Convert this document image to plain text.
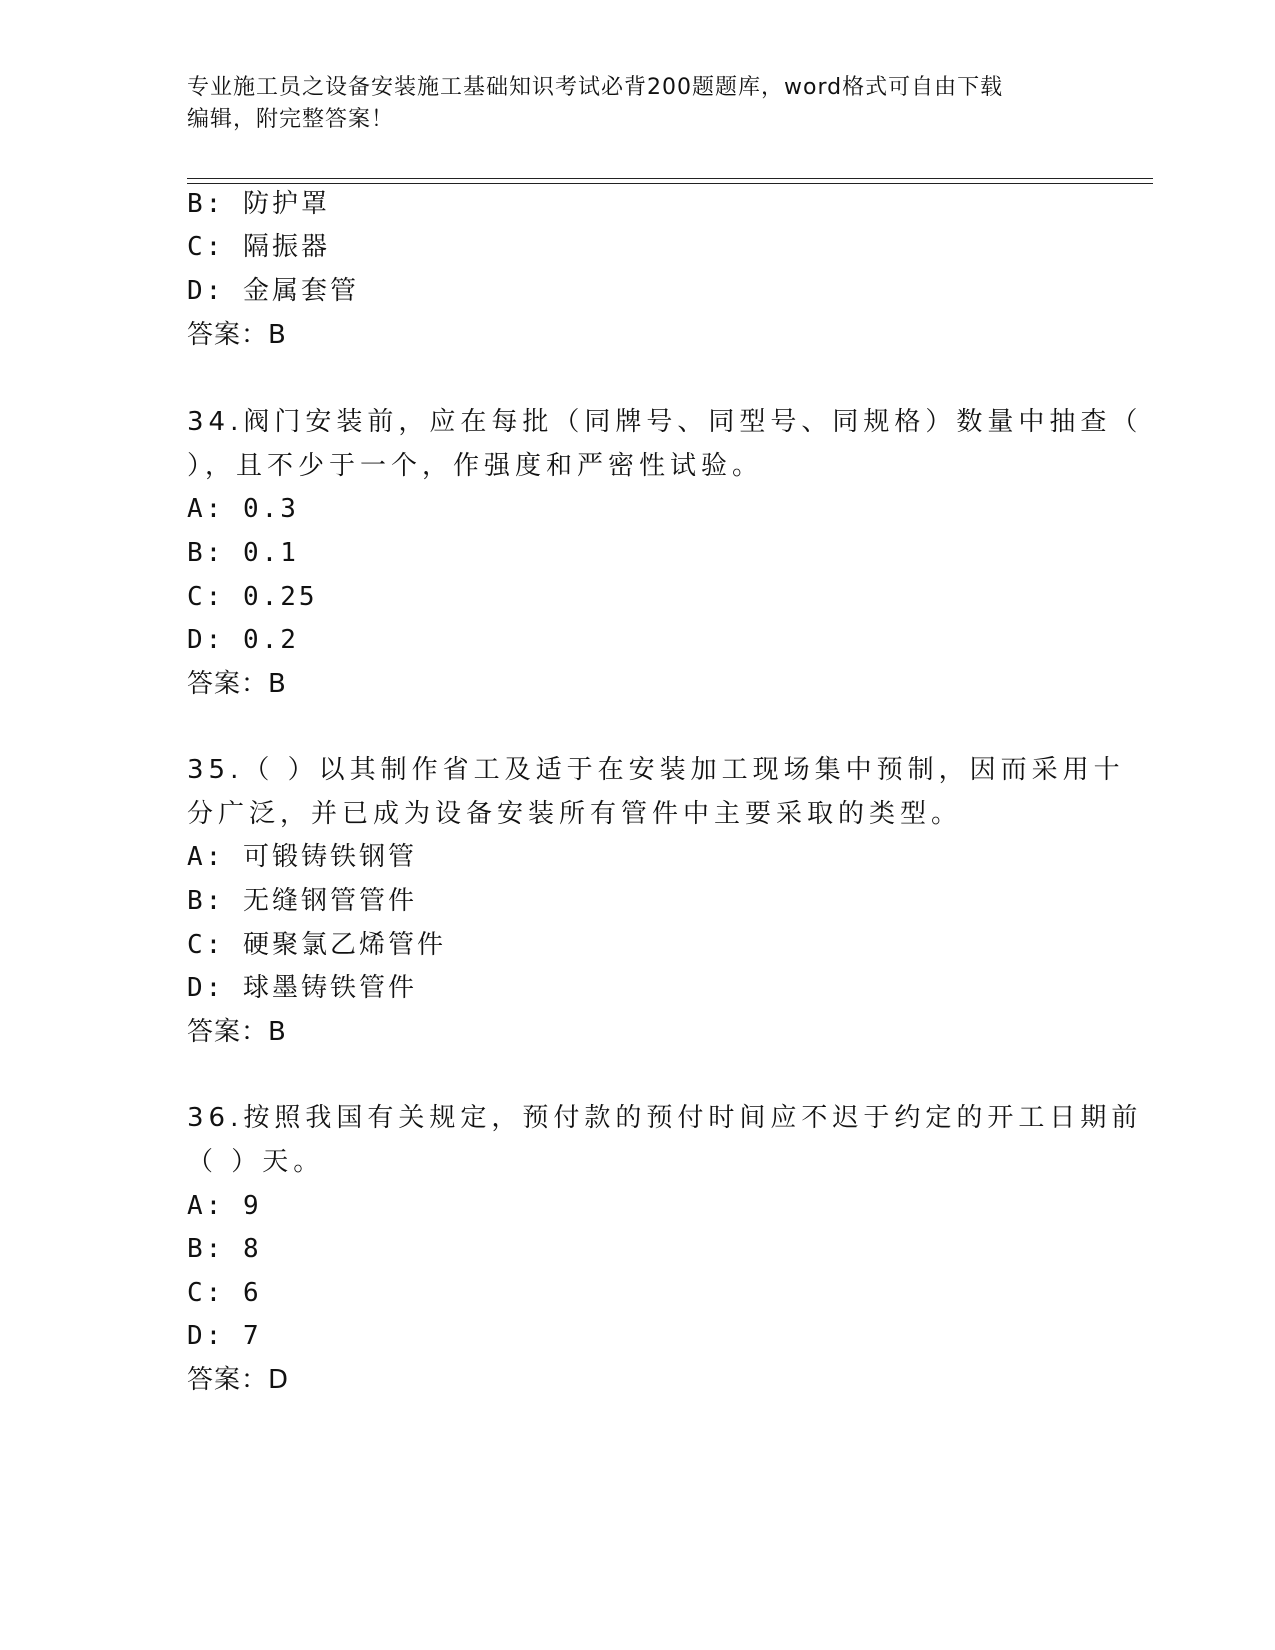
专业施工员之设备安装施工基础知识考试必背200题题库，word格式可自由下载
编辑，附完整答案！
B: 防护罩
C: 隔振器
D: 金属套管
答案：B
34.阀门安装前，应在每批（同牌号、同型号、同规格）数量中抽查（
），且不少于一个，作强度和严密性试验。
A: 0.3
B: 0.1
C: 0.25
D: 0.2
答案：B
35.（ ）以其制作省工及适于在安装加工现场集中预制，因而采用十
分广泛，并已成为设备安装所有管件中主要采取的类型。
A: 可锻铸铁钢管
B: 无缝钢管管件
C: 硬聚氯乙烯管件
D: 球墨铸铁管件
答案：B
36.按照我国有关规定，预付款的预付时间应不迟于约定的开工日期前
（ ）天。
A: 9
B: 8
C: 6
D: 7
答案：D
